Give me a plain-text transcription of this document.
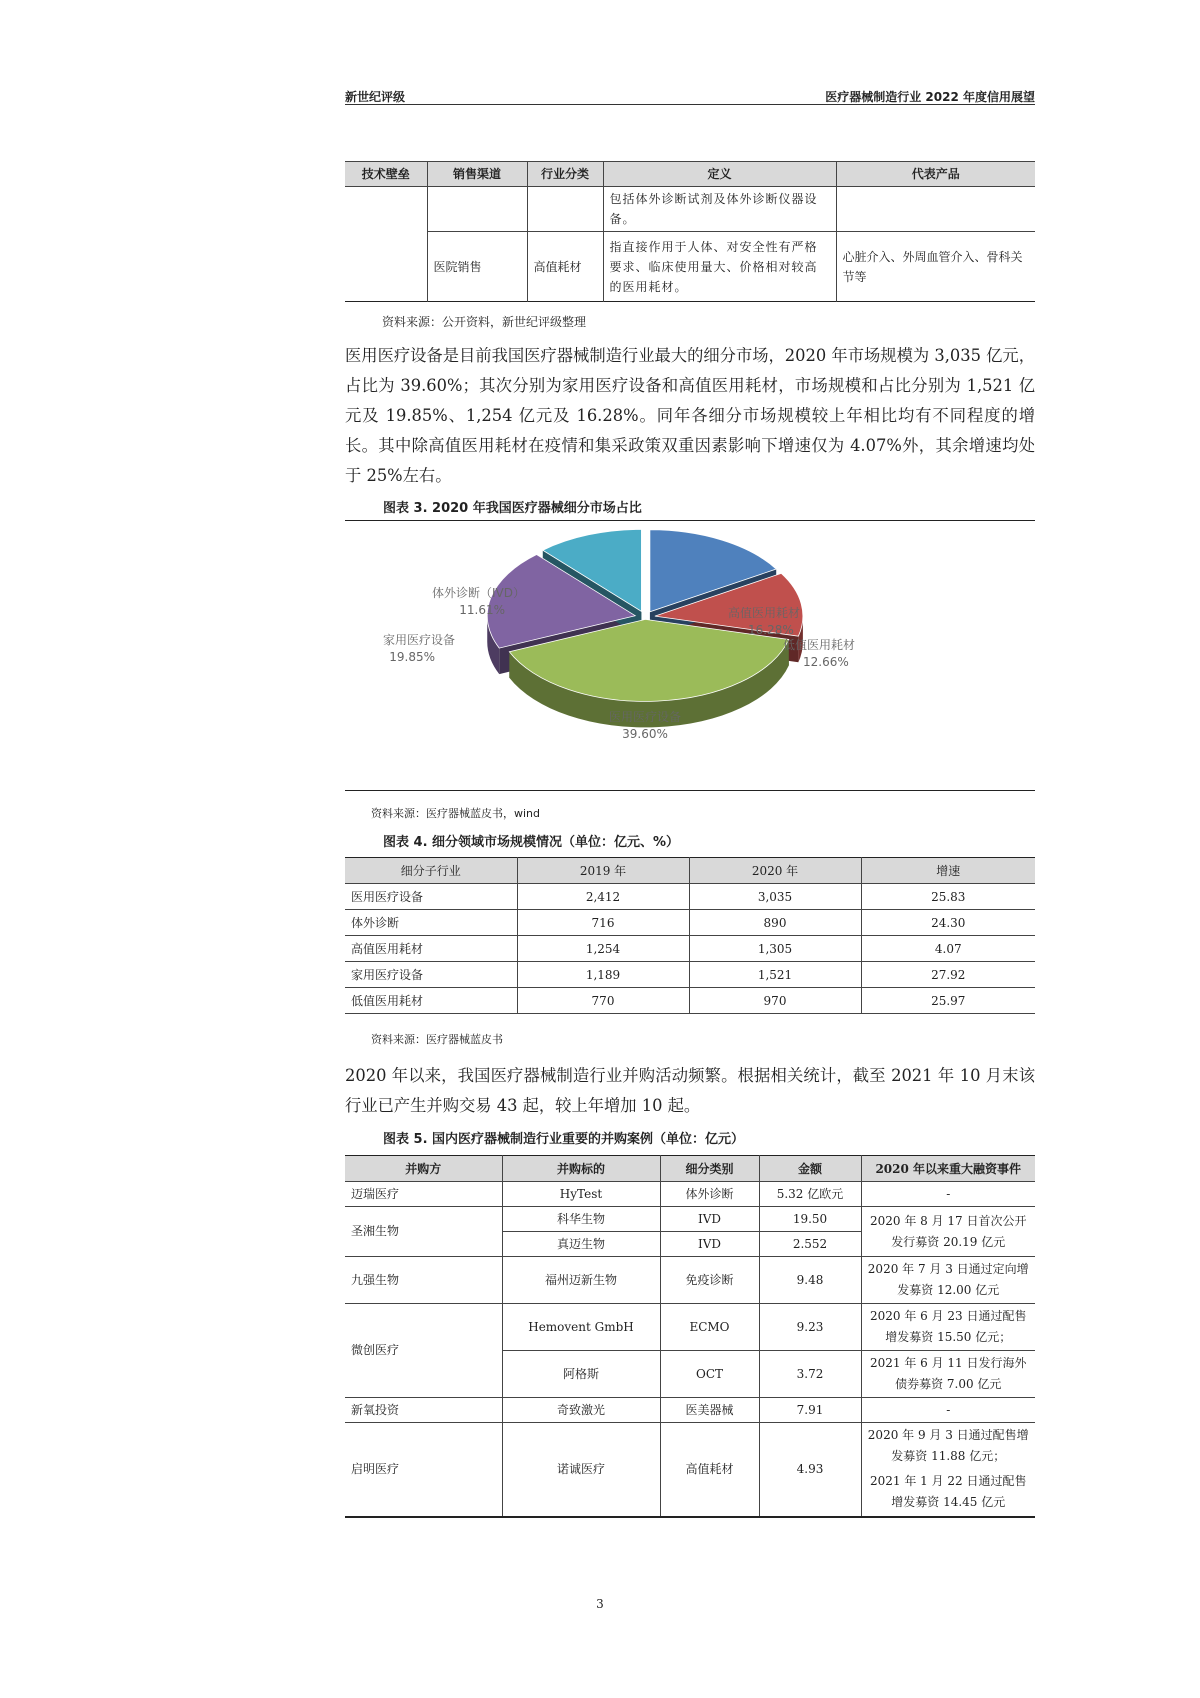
新世纪评级	医疗器械制造行业 2022 年度信用展望
技术壁垒	销售渠道	行业分类	定义	代表产品
			包括体外诊断试剂及体外诊断仪器设备。	
	医院销售	高值耗材	指直接作用于人体、对安全性有严格要求、临床使用量大、价格相对较高的医用耗材。	心脏介入、外周血管介入、骨科关节等
资料来源：公开资料，新世纪评级整理
医用医疗设备是目前我国医疗器械制造行业最大的细分市场，2020 年市场规模为 3,035 亿元，占比为 39.60%；其次分别为家用医疗设备和高值医用耗材，市场规模和占比分别为 1,521 亿元及 19.85%、1,254 亿元及 16.28%。同年各细分市场规模较上年相比均有不同程度的增长。其中除高值医用耗材在疫情和集采政策双重因素影响下增速仅为 4.07%外，其余增速均处于 25%左右。
图表 3. 2020 年我国医疗器械细分市场占比
高值医用耗材
16.28%
低值医用耗材
12.66%
医用医疗设备
39.60%
家用医疗设备
19.85%
体外诊断（IVD）
11.61%
资料来源：医疗器械蓝皮书，wind
图表 4. 细分领域市场规模情况（单位：亿元、%）
细分子行业	2019 年	2020 年	增速
医用医疗设备	2,412	3,035	25.83
体外诊断	716	890	24.30
高值医用耗材	1,254	1,305	4.07
家用医疗设备	1,189	1,521	27.92
低值医用耗材	770	970	25.97
资料来源：医疗器械蓝皮书
2020 年以来，我国医疗器械制造行业并购活动频繁。根据相关统计，截至 2021 年 10 月末该行业已产生并购交易 43 起，较上年增加 10 起。
图表 5. 国内医疗器械制造行业重要的并购案例（单位：亿元）
并购方	并购标的	细分类别	金额	2020 年以来重大融资事件
迈瑞医疗	HyTest	体外诊断	5.32 亿欧元	-
圣湘生物	科华生物	IVD	19.50	2020 年 8 月 17 日首次公开发行募资 20.19 亿元
	真迈生物	IVD	2.552	
九强生物	福州迈新生物	免疫诊断	9.48	2020 年 7 月 3 日通过定向增发募资 12.00 亿元
微创医疗	Hemovent GmbH	ECMO	9.23	2020 年 6 月 23 日通过配售增发募资 15.50 亿元；
	阿格斯	OCT	3.72	2021 年 6 月 11 日发行海外债券募资 7.00 亿元
新氧投资	奇致激光	医美器械	7.91	-
启明医疗	诺诚医疗	高值耗材	4.93	2020 年 9 月 3 日通过配售增发募资 11.88 亿元；
2021 年 1 月 22 日通过配售增发募资 14.45 亿元
3
